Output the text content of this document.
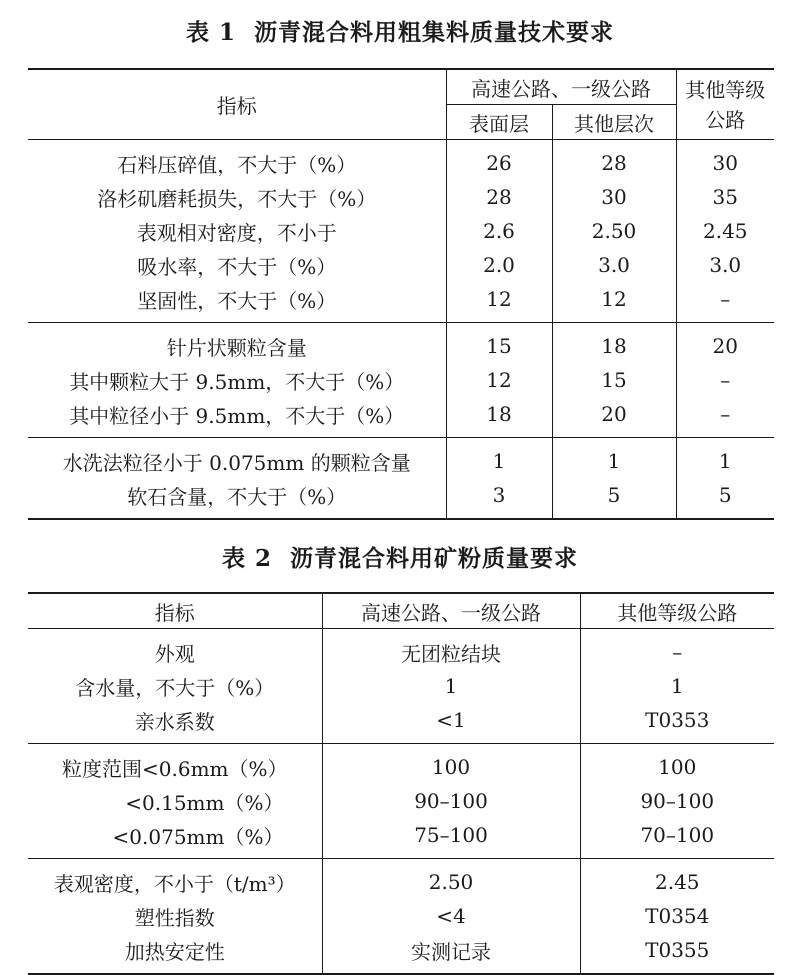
表 1 沥青混合料用粗集料质量技术要求
指标	高速公路、一级公路		其他等级公路
	表面层	其他层次	
石料压碎值，不大于（%）	26	28	30
洛杉矶磨耗损失，不大于（%）	28	30	35
表观相对密度，不小于	2.6	2.50	2.45
吸水率，不大于（%）	2.0	3.0	3.0
坚固性，不大于（%）	12	12	–
针片状颗粒含量	15	18	20
其中颗粒大于 9.5mm，不大于（%）	12	15	–
其中粒径小于 9.5mm，不大于（%）	18	20	–
水洗法粒径小于 0.075mm 的颗粒含量	1	1	1
软石含量，不大于（%）	3	5	5
表 2 沥青混合料用矿粉质量要求
指标	高速公路、一级公路	其他等级公路
外观	无团粒结块	–
含水量，不大于（%）	1	1
亲水系数	<1	T0353
粒度范围<0.6mm（%）	100	100
<0.15mm（%）	90–100	90–100
<0.075mm（%）	75–100	70–100
表观密度，不小于（t/m³）	2.50	2.45
塑性指数	<4	T0354
加热安定性	实测记录	T0355
